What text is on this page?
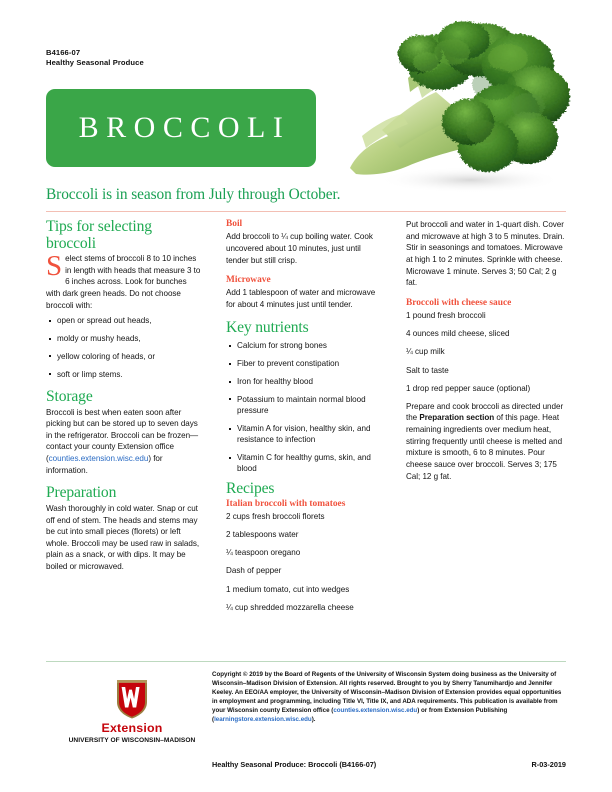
B4166-07
Healthy Seasonal Produce
BROCCOLI
Broccoli is in season from July through October.
Tips for selecting broccoli

Select stems of broccoli 8 to 10 inches in length with heads that measure 3 to 6 inches across. Look for bunches with dark green heads. Do not choose broccoli with:

open or spread out heads,
moldy or mushy heads,
yellow coloring of heads, or
soft or limp stems.
Storage

Broccoli is best when eaten soon after picking but can be stored up to seven days in the refrigerator. Broccoli can be frozen—contact your county Extension office (counties.extension.wisc.edu) for information.

Preparation

Wash thoroughly in cold water. Snap or cut off end of stem. The heads and stems may be cut into small pieces (florets) or left whole. Broccoli may be used raw in salads, plain as a snack, or with dips. It may be boiled or microwaved.

Boil

Add broccoli to ¼ cup boiling water. Cook uncovered about 10 minutes, just until tender but still crisp.

Microwave

Add 1 tablespoon of water and microwave for about 4 minutes just until tender.

Key nutrients
Calcium for strong bones
Fiber to prevent constipation
Iron for healthy blood
Potassium to maintain normal blood pressure
Vitamin A for vision, healthy skin, and resistance to infection
Vitamin C for healthy gums, skin, and blood
Recipes
Italian broccoli with tomatoes

2 cups fresh broccoli florets

2 tablespoons water

¼ teaspoon oregano

Dash of pepper

1 medium tomato, cut into wedges

¼ cup shredded mozzarella cheese

Put broccoli and water in 1-quart dish. Cover and microwave at high 3 to 5 minutes. Drain. Stir in seasonings and tomatoes. Microwave at high 1 to 2 minutes. Sprinkle with cheese. Microwave 1 minute. Serves 3; 50 Cal; 2 g fat.

Broccoli with cheese sauce

1 pound fresh broccoli

4 ounces mild cheese, sliced

¼ cup milk

Salt to taste

1 drop red pepper sauce (optional)

Prepare and cook broccoli as directed under the Preparation section of this page. Heat remaining ingredients over medium heat, stirring frequently until cheese is melted and mixture is smooth, 6 to 8 minutes. Pour cheese sauce over broccoli. Serves 3; 175 Cal; 12 g fat.

Extension
UNIVERSITY OF WISCONSIN–MADISON

Copyright © 2019 by the Board of Regents of the University of Wisconsin System doing business as the University of Wisconsin–Madison Division of Extension. All rights reserved. Brought to you by Sherry Tanumihardjo and Jennifer Keeley. An EEO/AA employer, the University of Wisconsin–Madison Division of Extension provides equal opportunities in employment and programming, including Title VI, Title IX, and ADA requirements. This publication is available from your Wisconsin county Extension office (counties.extension.wisc.edu) or from Extension Publishing (learningstore.extension.wisc.edu).

Healthy Seasonal Produce: Broccoli (B4166-07)	R-03-2019
